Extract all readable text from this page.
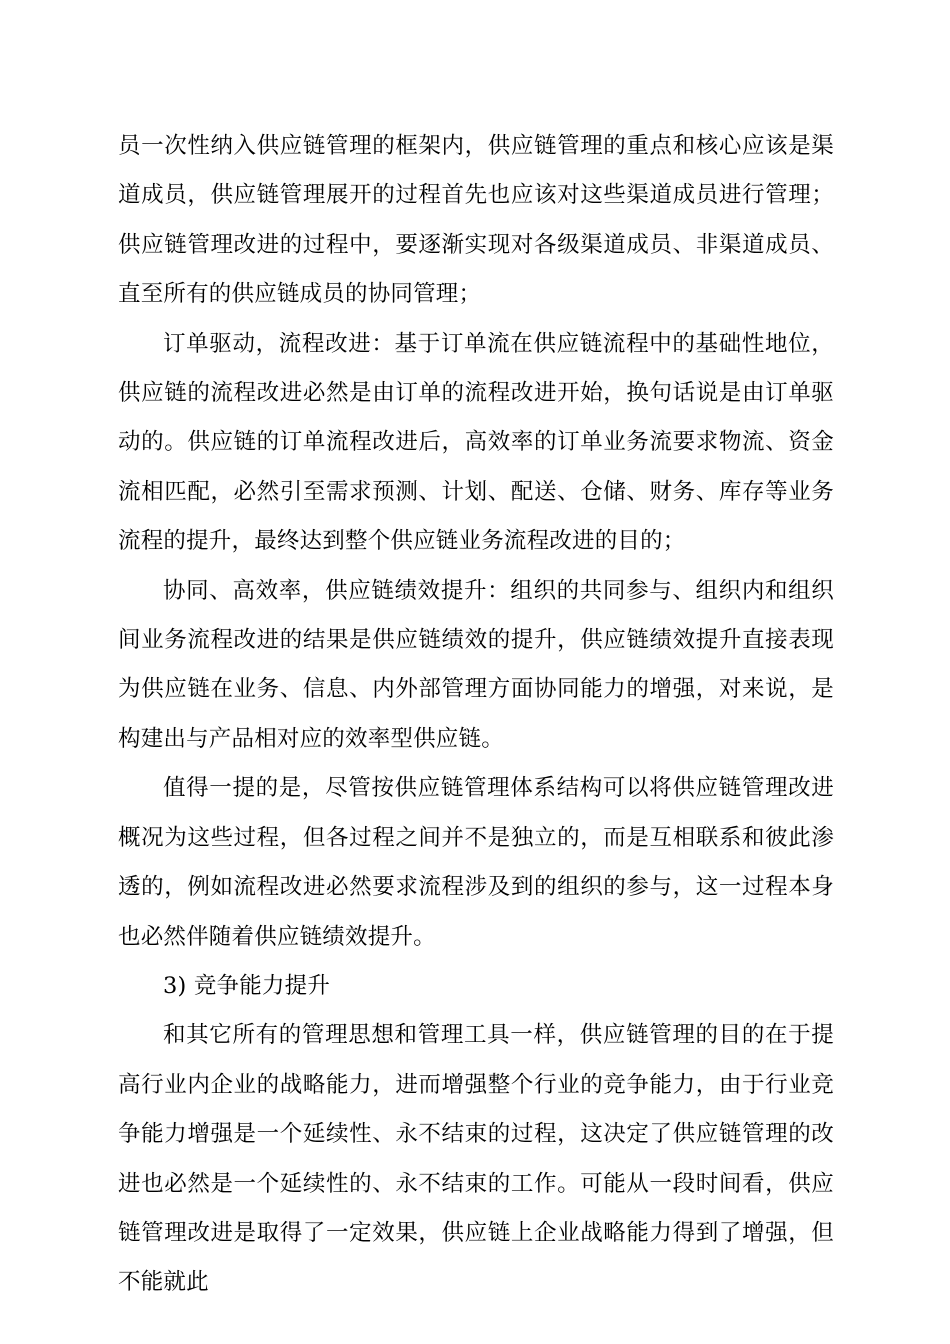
员一次性纳入供应链管理的框架内，供应链管理的重点和核心应该是渠道成员，供应链管理展开的过程首先也应该对这些渠道成员进行管理；供应链管理改进的过程中，要逐渐实现对各级渠道成员、非渠道成员、直至所有的供应链成员的协同管理；

订单驱动，流程改进：基于订单流在供应链流程中的基础性地位，供应链的流程改进必然是由订单的流程改进开始，换句话说是由订单驱动的。供应链的订单流程改进后，高效率的订单业务流要求物流、资金流相匹配，必然引至需求预测、计划、配送、仓储、财务、库存等业务流程的提升，最终达到整个供应链业务流程改进的目的；

协同、高效率，供应链绩效提升：组织的共同参与、组织内和组织间业务流程改进的结果是供应链绩效的提升，供应链绩效提升直接表现为供应链在业务、信息、内外部管理方面协同能力的增强，对来说，是构建出与产品相对应的效率型供应链。

值得一提的是，尽管按供应链管理体系结构可以将供应链管理改进概况为这些过程，但各过程之间并不是独立的，而是互相联系和彼此渗透的，例如流程改进必然要求流程涉及到的组织的参与，这一过程本身也必然伴随着供应链绩效提升。

3) 竞争能力提升

和其它所有的管理思想和管理工具一样，供应链管理的目的在于提高行业内企业的战略能力，进而增强整个行业的竞争能力，由于行业竞争能力增强是一个延续性、永不结束的过程，这决定了供应链管理的改进也必然是一个延续性的、永不结束的工作。可能从一段时间看，供应链管理改进是取得了一定效果，供应链上企业战略能力得到了增强，但不能就此
